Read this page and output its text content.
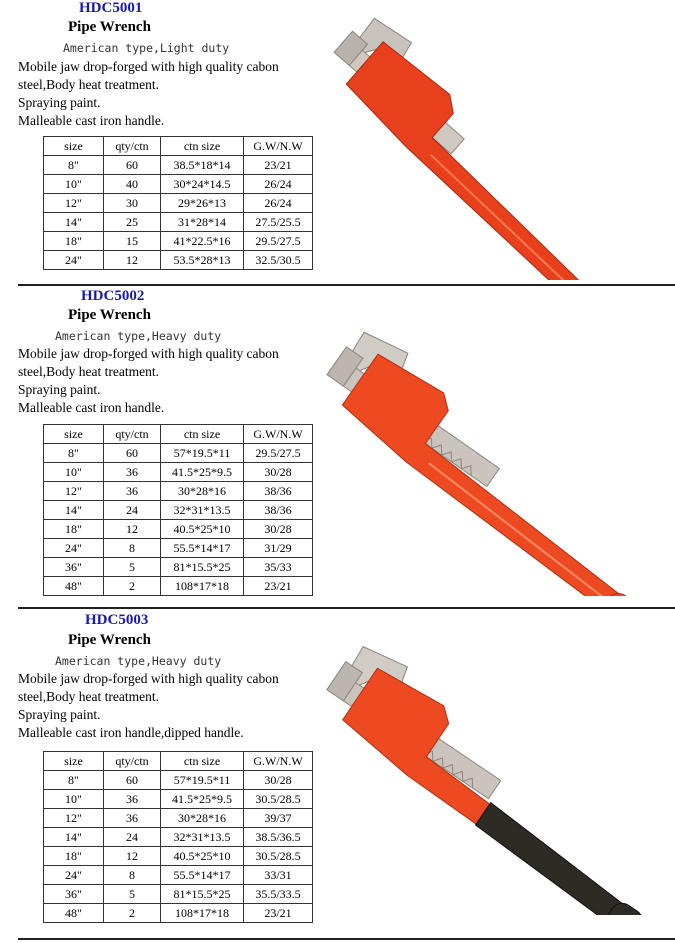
HDC5001
Pipe Wrench
American type,Light duty
Mobile jaw drop-forged with high quality cabon
steel,Body heat treatment.
Spraying paint.
Malleable cast iron handle.
size	qty/ctn	ctn size	G.W/N.W
8"	60	38.5*18*14	23/21
10"	40	30*24*14.5	26/24
12"	30	29*26*13	26/24
14"	25	31*28*14	27.5/25.5
18"	15	41*22.5*16	29.5/27.5
24"	12	53.5*28*13	32.5/30.5
HDC5002
Pipe Wrench
American type,Heavy duty
Mobile jaw drop-forged with high quality cabon
steel,Body heat treatment.
Spraying paint.
Malleable cast iron handle.
size	qty/ctn	ctn size	G.W/N.W
8"	60	57*19.5*11	29.5/27.5
10"	36	41.5*25*9.5	30/28
12"	36	30*28*16	38/36
14"	24	32*31*13.5	38/36
18"	12	40.5*25*10	30/28
24"	8	55.5*14*17	31/29
36"	5	81*15.5*25	35/33
48"	2	108*17*18	23/21
HDC5003
Pipe Wrench
American type,Heavy duty
Mobile jaw drop-forged with high quality cabon
steel,Body heat treatment.
Spraying paint.
Malleable cast iron handle,dipped handle.
size	qty/ctn	ctn size	G.W/N.W
8"	60	57*19.5*11	30/28
10"	36	41.5*25*9.5	30.5/28.5
12"	36	30*28*16	39/37
14"	24	32*31*13.5	38.5/36.5
18"	12	40.5*25*10	30.5/28.5
24"	8	55.5*14*17	33/31
36"	5	81*15.5*25	35.5/33.5
48"	2	108*17*18	23/21
